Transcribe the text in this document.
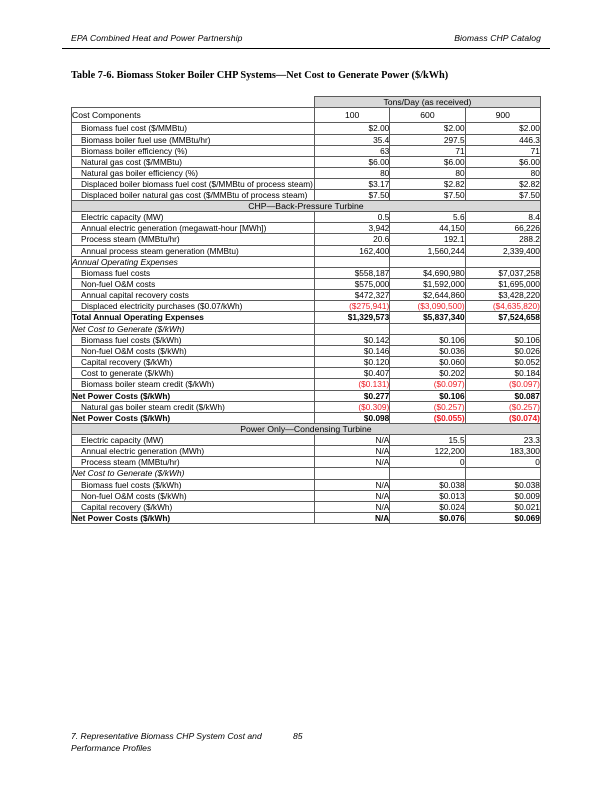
EPA Combined Heat and Power Partnership	Biomass CHP Catalog
Table 7-6. Biomass Stoker Boiler CHP Systems—Net Cost to Generate Power ($/kWh)
	Tons/Day (as received)		
Cost Components	100	600	900
Biomass fuel cost ($/MMBtu)	$2.00	$2.00	$2.00
Biomass boiler fuel use (MMBtu/hr)	35.4	297.5	446.3
Biomass boiler efficiency (%)	63	71	71
Natural gas cost ($/MMBtu)	$6.00	$6.00	$6.00
Natural gas boiler efficiency (%)	80	80	80
Displaced boiler biomass fuel cost ($/MMBtu of process steam)	$3.17	$2.82	$2.82
Displaced boiler natural gas cost ($/MMBtu of process steam)	$7.50	$7.50	$7.50
CHP—Back-Pressure Turbine			
Electric capacity (MW)	0.5	5.6	8.4
Annual electric generation (megawatt-hour [MWh])	3,942	44,150	66,226
Process steam (MMBtu/hr)	20.6	192.1	288.2
Annual process steam generation (MMBtu)	162,400	1,560,244	2,339,400
Annual Operating Expenses			
Biomass fuel costs	$558,187	$4,690,980	$7,037,258
Non-fuel O&M costs	$575,000	$1,592,000	$1,695,000
Annual capital recovery costs	$472,327	$2,644,860	$3,428,220
Displaced electricity purchases ($0.07/kWh)	($275,941)	($3,090,500)	($4,635,820)
Total Annual Operating Expenses	$1,329,573	$5,837,340	$7,524,658
Net Cost to Generate ($/kWh)			
Biomass fuel costs ($/kWh)	$0.142	$0.106	$0.106
Non-fuel O&M costs ($/kWh)	$0.146	$0.036	$0.026
Capital recovery ($/kWh)	$0.120	$0.060	$0.052
Cost to generate ($/kWh)	$0.407	$0.202	$0.184
Biomass boiler steam credit ($/kWh)	($0.131)	($0.097)	($0.097)
Net Power Costs ($/kWh)	$0.277	$0.106	$0.087
Natural gas boiler steam credit ($/kWh)	($0.309)	($0.257)	($0.257)
Net Power Costs ($/kWh)	$0.098	($0.055)	($0.074)
Power Only—Condensing Turbine			
Electric capacity (MW)	N/A	15.5	23.3
Annual electric generation (MWh)	N/A	122,200	183,300
Process steam (MMBtu/hr)	N/A	0	0
Net Cost to Generate ($/kWh)			
Biomass fuel costs ($/kWh)	N/A	$0.038	$0.038
Non-fuel O&M costs ($/kWh)	N/A	$0.013	$0.009
Capital recovery ($/kWh)	N/A	$0.024	$0.021
Net Power Costs ($/kWh)	N/A	$0.076	$0.069
7. Representative Biomass CHP System Cost and Performance Profiles
85
